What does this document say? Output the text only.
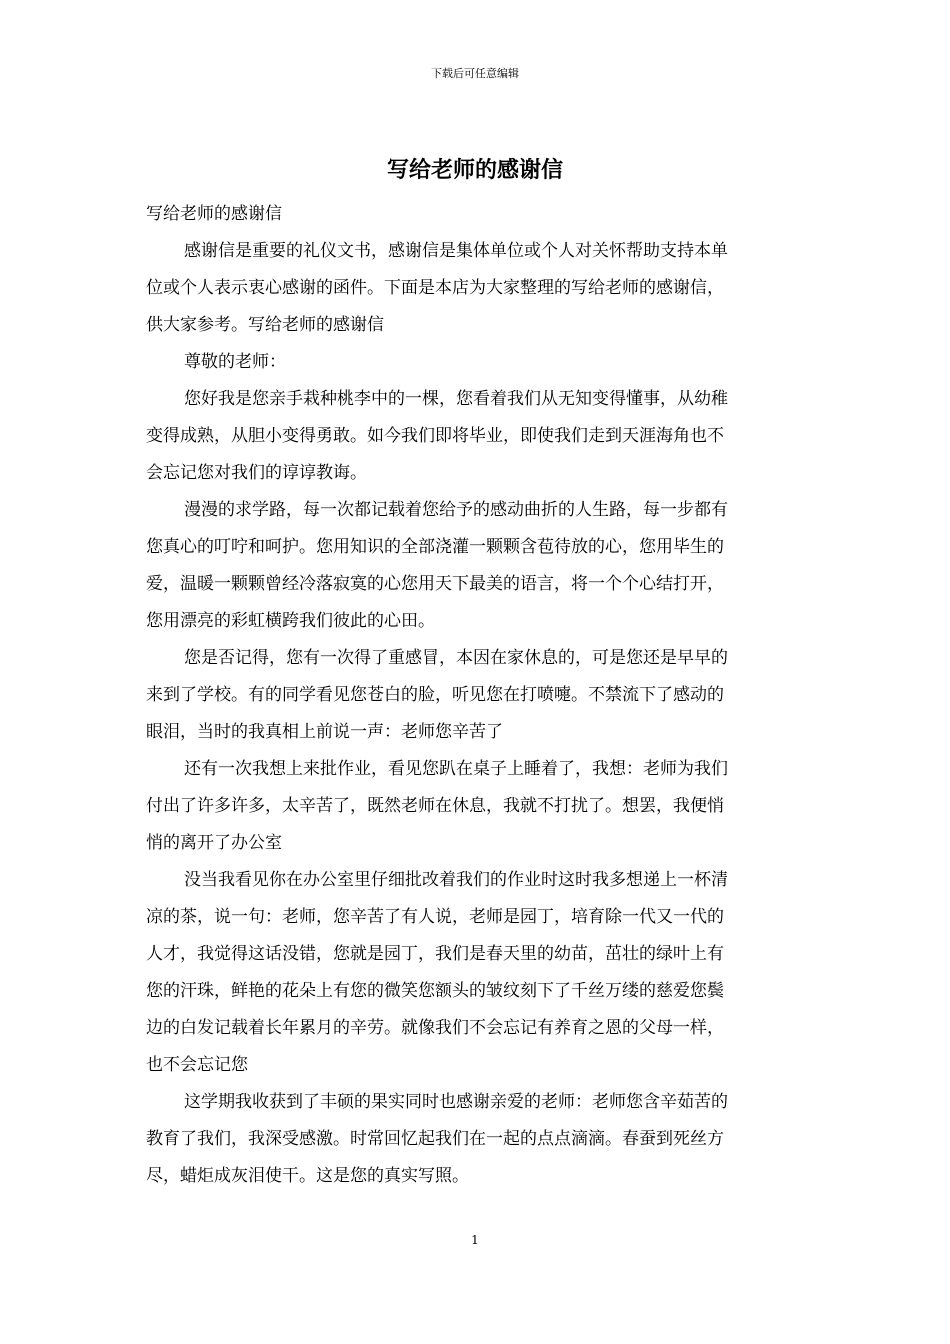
下载后可任意编辑
写给老师的感谢信
写给老师的感谢信
感谢信是重要的礼仪文书，感谢信是集体单位或个人对关怀帮助支持本单
位或个人表示衷心感谢的函件。下面是本店为大家整理的写给老师的感谢信，
供大家参考。写给老师的感谢信
尊敬的老师：
您好我是您亲手栽种桃李中的一棵，您看着我们从无知变得懂事，从幼稚
变得成熟，从胆小变得勇敢。如今我们即将毕业，即使我们走到天涯海角也不
会忘记您对我们的谆谆教诲。
漫漫的求学路，每一次都记载着您给予的感动曲折的人生路，每一步都有
您真心的叮咛和呵护。您用知识的全部浇灌一颗颗含苞待放的心，您用毕生的
爱，温暖一颗颗曾经冷落寂寞的心您用天下最美的语言，将一个个心结打开，
您用漂亮的彩虹横跨我们彼此的心田。
您是否记得，您有一次得了重感冒，本因在家休息的，可是您还是早早的
来到了学校。有的同学看见您苍白的脸，听见您在打喷嚏。不禁流下了感动的
眼泪，当时的我真相上前说一声：老师您辛苦了
还有一次我想上来批作业，看见您趴在桌子上睡着了，我想：老师为我们
付出了许多许多，太辛苦了，既然老师在休息，我就不打扰了。想罢，我便悄
悄的离开了办公室
没当我看见你在办公室里仔细批改着我们的作业时这时我多想递上一杯清
凉的茶，说一句：老师，您辛苦了有人说，老师是园丁，培育除一代又一代的
人才，我觉得这话没错，您就是园丁，我们是春天里的幼苗，茁壮的绿叶上有
您的汗珠，鲜艳的花朵上有您的微笑您额头的皱纹刻下了千丝万缕的慈爱您鬓
边的白发记载着长年累月的辛劳。就像我们不会忘记有养育之恩的父母一样，
也不会忘记您
这学期我收获到了丰硕的果实同时也感谢亲爱的老师：老师您含辛茹苦的
教育了我们，我深受感激。时常回忆起我们在一起的点点滴滴。春蚕到死丝方
尽，蜡炬成灰泪使干。这是您的真实写照。
1
